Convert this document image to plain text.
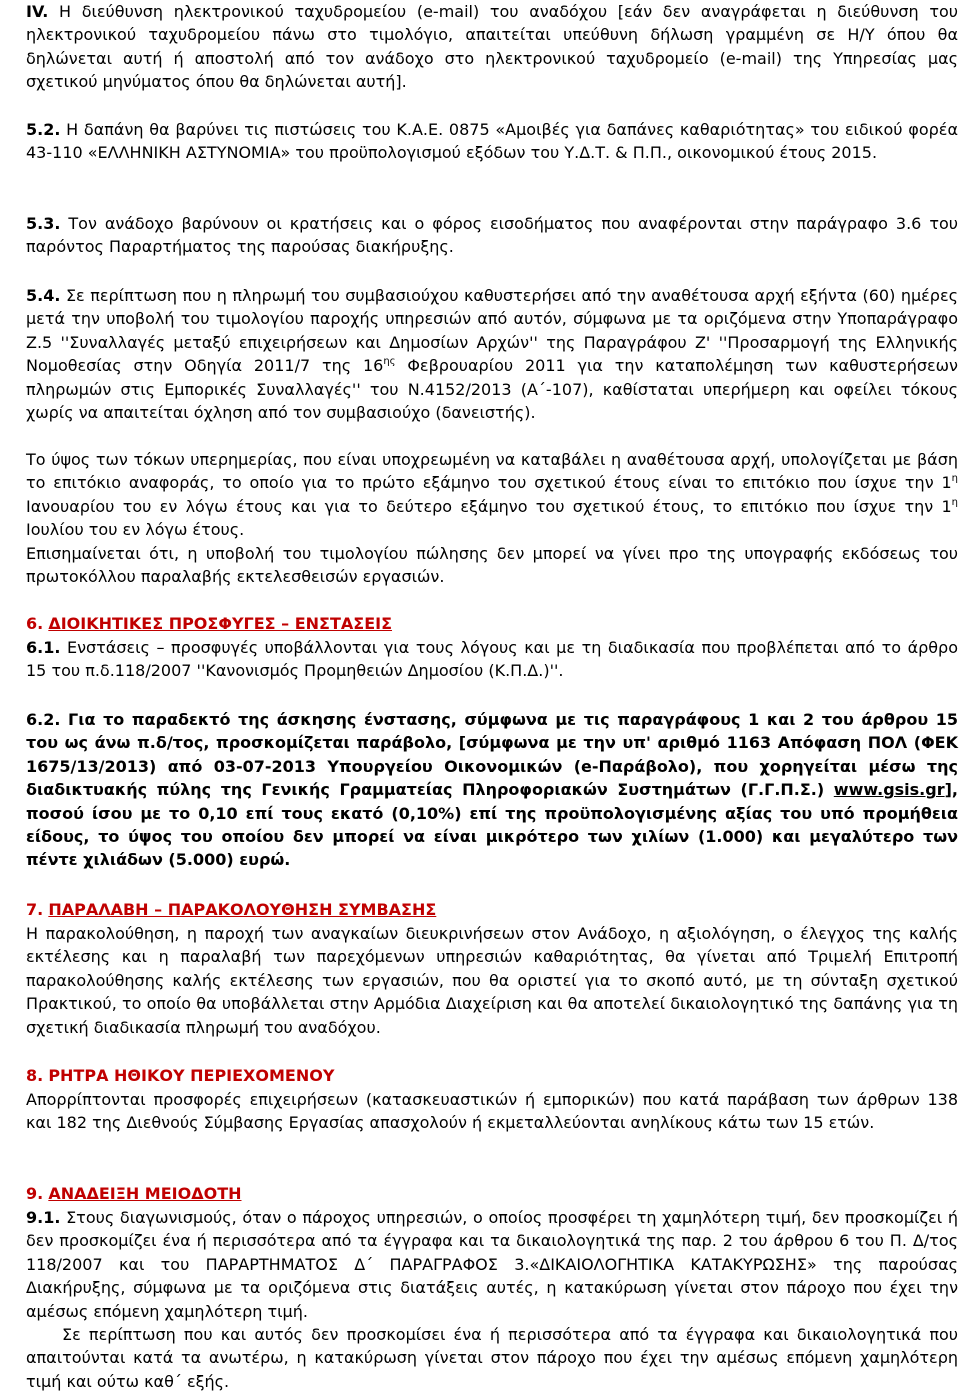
IV. Η διεύθυνση ηλεκτρονικού ταχυδρομείου (e-mail) του αναδόχου [εάν δεν αναγράφεται η διεύθυνση του ηλεκτρονικού ταχυδρομείου πάνω στο τιμολόγιο, απαιτείται υπεύθυνη δήλωση γραμμένη σε Η/Υ όπου θα δηλώνεται αυτή ή αποστολή από τον ανάδοχο στο ηλεκτρονικού ταχυδρομείο (e-mail) της Υπηρεσίας μας σχετικού μηνύματος όπου θα δηλώνεται αυτή].

5.2. Η δαπάνη θα βαρύνει τις πιστώσεις του Κ.Α.Ε. 0875 «Αμοιβές για δαπάνες καθαριότητας» του ειδικού φορέα 43-110 «ΕΛΛΗΝΙΚΗ ΑΣΤΥΝΟΜΙΑ» του προϋπολογισμού εξόδων του Υ.Δ.Τ. & Π.Π., οικονομικού έτους 2015.

5.3. Τον ανάδοχο βαρύνουν οι κρατήσεις και ο φόρος εισοδήματος που αναφέρονται στην παράγραφο 3.6 του παρόντος Παραρτήματος της παρούσας διακήρυξης.

5.4. Σε περίπτωση που η πληρωμή του συμβασιούχου καθυστερήσει από την αναθέτουσα αρχή εξήντα (60) ημέρες μετά την υποβολή του τιμολογίου παροχής υπηρεσιών από αυτόν, σύμφωνα με τα οριζόμενα στην Υποπαράγραφο Ζ.5 ''Συναλλαγές μεταξύ επιχειρήσεων και Δημοσίων Αρχών'' της Παραγράφου Ζ' ''Προσαρμογή της Ελληνικής Νομοθεσίας στην Οδηγία 2011/7 της $16^{\eta\varsigma}$ Φεβρουαρίου 2011 για την καταπολέμηση των καθυστερήσεων πληρωμών στις Εμπορικές Συναλλαγές'' του Ν.4152/2013 (Α΄-107), καθίσταται υπερήμερη και οφείλει τόκους χωρίς να απαιτείται όχληση από τον συμβασιούχο (δανειστής).

Το ύψος των τόκων υπερημερίας, που είναι υποχρεωμένη να καταβάλει η αναθέτουσα αρχή, υπολογίζεται με βάση το επιτόκιο αναφοράς, το οποίο για το πρώτο εξάμηνο του σχετικού έτους είναι το επιτόκιο που ίσχυε την $1^\eta$ Ιανουαρίου του εν λόγω έτους και για το δεύτερο εξάμηνο του σχετικού έτους, το επιτόκιο που ίσχυε την $1^\eta$ Ιουλίου του εν λόγω έτους.

Επισημαίνεται ότι, η υποβολή του τιμολογίου πώλησης δεν μπορεί να γίνει προ της υπογραφής εκδόσεως του πρωτοκόλλου παραλαβής εκτελεσθεισών εργασιών.

6. ΔΙΟΙΚΗΤΙΚΕΣ ΠΡΟΣΦΥΓΕΣ – ΕΝΣΤΑΣΕΙΣ

6.1. Ενστάσεις – προσφυγές υποβάλλονται για τους λόγους και με τη διαδικασία που προβλέπεται από το άρθρο 15 του π.δ.118/2007 ''Κανονισμός Προμηθειών Δημοσίου (Κ.Π.Δ.)''.

6.2. Για το παραδεκτό της άσκησης ένστασης, σύμφωνα με τις παραγράφους 1 και 2 του άρθρου 15 του ως άνω π.δ/τος, προσκομίζεται παράβολο, [σύμφωνα με την υπ' αριθμό 1163 Απόφαση ΠΟΛ (ΦΕΚ 1675/13/2013) από 03-07-2013 Υπουργείου Οικονομικών (e-Παράβολο), που χορηγείται μέσω της διαδικτυακής πύλης της Γενικής Γραμματείας Πληροφοριακών Συστημάτων (Γ.Γ.Π.Σ.) www.gsis.gr], ποσού ίσου με το 0,10 επί τους εκατό (0,10%) επί της προϋπολογισμένης αξίας του υπό προμήθεια είδους, το ύψος του οποίου δεν μπορεί να είναι μικρότερο των χιλίων (1.000) και μεγαλύτερο των πέντε χιλιάδων (5.000) ευρώ.

7. ΠΑΡΑΛΑΒΗ – ΠΑΡΑΚΟΛΟΥΘΗΣΗ ΣΥΜΒΑΣΗΣ

Η παρακολούθηση, η παροχή των αναγκαίων διευκρινήσεων στον Ανάδοχο, η αξιολόγηση, ο έλεγχος της καλής εκτέλεσης και η παραλαβή των παρεχόμενων υπηρεσιών καθαριότητας, θα γίνεται από Τριμελή Επιτροπή παρακολούθησης καλής εκτέλεσης των εργασιών, που θα οριστεί για το σκοπό αυτό, με τη σύνταξη σχετικού Πρακτικού, το οποίο θα υποβάλλεται στην Αρμόδια Διαχείριση και θα αποτελεί δικαιολογητικό της δαπάνης για τη σχετική διαδικασία πληρωμή του αναδόχου.

8. ΡΗΤΡΑ ΗΘΙΚΟΥ ΠΕΡΙΕΧΟΜΕΝΟΥ

Απορρίπτονται προσφορές επιχειρήσεων (κατασκευαστικών ή εμπορικών) που κατά παράβαση των άρθρων 138 και 182 της Διεθνούς Σύμβασης Εργασίας απασχολούν ή εκμεταλλεύονται ανηλίκους κάτω των 15 ετών.

9. ΑΝΑΔΕΙΞΗ ΜΕΙΟΔΟΤΗ

9.1. Στους διαγωνισμούς, όταν ο πάροχος υπηρεσιών, ο οποίος προσφέρει τη χαμηλότερη τιμή, δεν προσκομίζει ή δεν προσκομίζει ένα ή περισσότερα από τα έγγραφα και τα δικαιολογητικά της παρ. 2 του άρθρου 6 του Π. Δ/τος 118/2007 και του ΠΑΡΑΡΤΗΜΑΤΟΣ Δ΄ ΠΑΡΑΓΡΑΦΟΣ 3.«ΔΙΚΑΙΟΛΟΓΗΤΙΚΑ ΚΑΤΑΚΥΡΩΣΗΣ» της παρούσας Διακήρυξης, σύμφωνα με τα οριζόμενα στις διατάξεις αυτές, η κατακύρωση γίνεται στον πάροχο που έχει την αμέσως επόμενη χαμηλότερη τιμή.

Σε περίπτωση που και αυτός δεν προσκομίσει ένα ή περισσότερα από τα έγγραφα και δικαιολογητικά που απαιτούνται κατά τα ανωτέρω, η κατακύρωση γίνεται στον πάροχο που έχει την αμέσως επόμενη χαμηλότερη τιμή και ούτω καθ΄ εξής.
